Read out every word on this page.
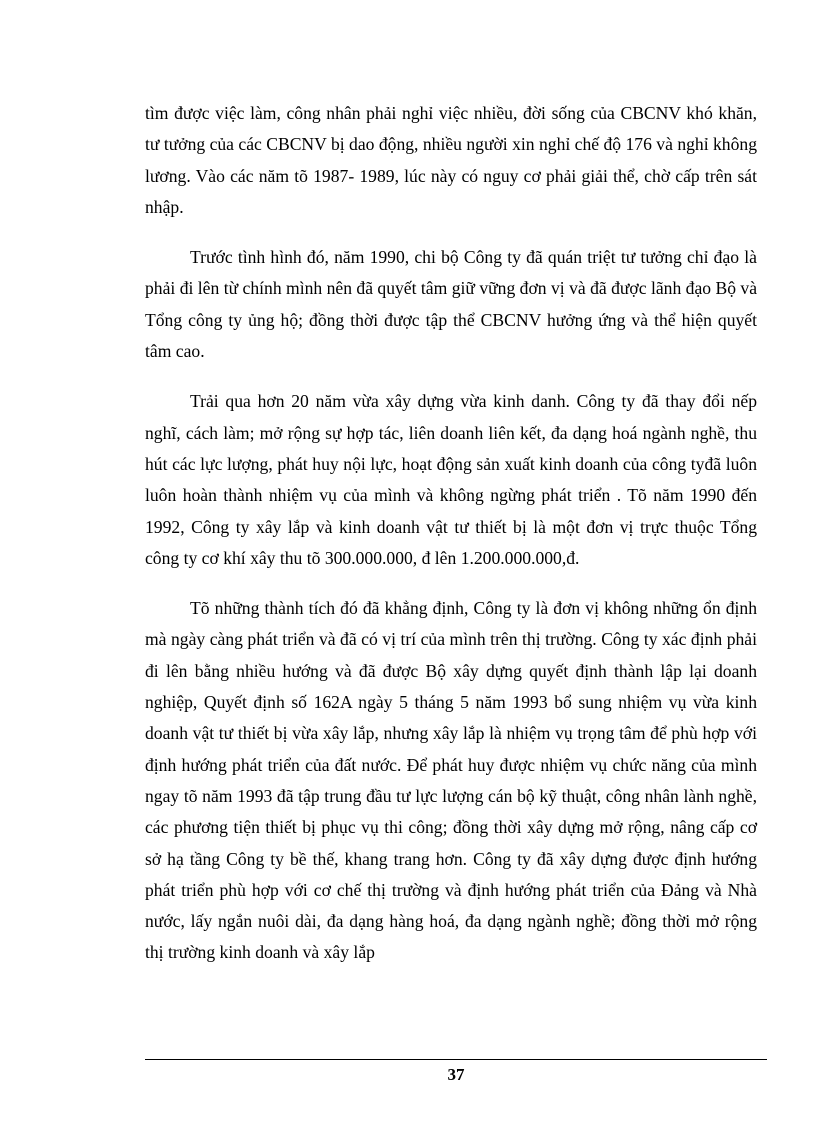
tìm được việc làm, công nhân phải nghỉ việc nhiều, đời sống của CBCNV khó khăn, tư tưởng của các CBCNV bị dao động, nhiều người xin nghỉ chế độ 176 và nghỉ không lương. Vào các năm tõ 1987- 1989, lúc này có nguy cơ phải giải thể, chờ cấp trên sát nhập.

Trước tình hình đó, năm 1990, chi bộ Công ty đã quán triệt tư tưởng chỉ đạo là phải đi lên từ chính mình nên đã quyết tâm giữ vững đơn vị và đã được lãnh đạo Bộ và Tổng công ty ủng hộ; đồng thời được tập thể CBCNV hưởng ứng và thể hiện quyết tâm cao.

Trải qua hơn 20 năm vừa xây dựng vừa kinh danh. Công ty đã thay đổi nếp nghĩ, cách làm; mở rộng sự hợp tác, liên doanh liên kết, đa dạng hoá ngành nghề, thu hút các lực lượng, phát huy nội lực, hoạt động sản xuất kinh doanh của công tyđã luôn luôn hoàn thành nhiệm vụ của mình và không ngừng phát triển . Tõ năm 1990 đến 1992, Công ty xây lắp và kinh doanh vật tư thiết bị là một đơn vị trực thuộc Tổng công ty cơ khí xây thu tõ 300.000.000, đ lên 1.200.000.000,đ.

Tõ những thành tích đó đã khẳng định, Công ty là đơn vị không những ổn định mà ngày càng phát triển và đã có vị trí của mình trên thị trường. Công ty xác định phải đi lên bằng nhiều hướng và đã được Bộ xây dựng quyết định thành lập lại doanh nghiệp, Quyết định số 162A ngày 5 tháng 5 năm 1993 bổ sung nhiệm vụ vừa kinh doanh vật tư thiết bị vừa xây lắp, nhưng xây lắp là nhiệm vụ trọng tâm để phù hợp với định hướng phát triển của đất nước. Để phát huy được nhiệm vụ chức năng của mình ngay tõ năm 1993 đã tập trung đầu tư lực lượng cán bộ kỹ thuật, công nhân lành nghề, các phương tiện thiết bị phục vụ thi công; đồng thời xây dựng mở rộng, nâng cấp cơ sở hạ tầng Công ty bề thế, khang trang hơn. Công ty đã xây dựng được định hướng phát triển phù hợp với cơ chế thị trường và định hướng phát triển của Đảng và Nhà nước, lấy ngắn nuôi dài, đa dạng hàng hoá, đa dạng ngành nghề; đồng thời mở rộng thị trường kinh doanh và xây lắp

37
